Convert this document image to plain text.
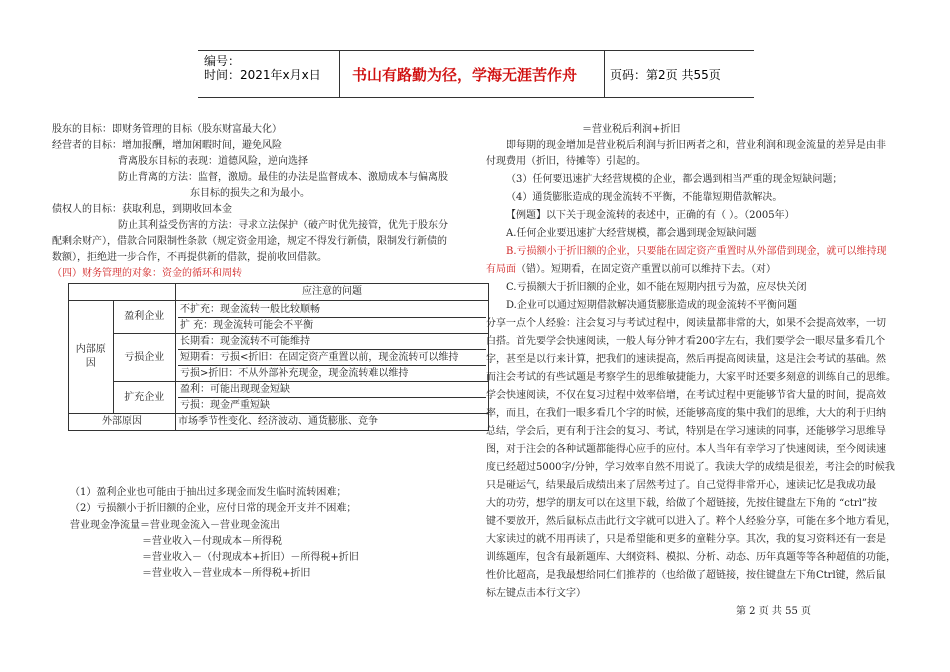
编号：
时间：2021年x月x日 书山有路勤为径，学海无涯苦作舟	页码：第2页 共55页
股东的目标：即财务管理的目标（股东财富最大化）
经营者的目标：增加报酬，增加闲暇时间，避免风险
背离股东目标的表现：道德风险，逆向选择
防止背离的方法：监督，激励。最佳的办法是监督成本、激励成本与偏离股
东目标的损失之和为最小。
债权人的目标：获取利息，到期收回本金
防止其利益受伤害的方法：寻求立法保护（破产时优先接管，优先于股东分
配剩余财产），借款合同限制性条款（规定资金用途，规定不得发行新债，限制发行新债的
数额），拒绝进一步合作，不再提供新的借款，提前收回借款。
（四）财务管理的对象：资金的循环和周转
		应注意的问题
内部原因	盈利企业	不扩充：现金流转一般比较顺畅
扩 充：现金流转可能会不平衡

	亏损企业	长期看：现金流转不可能维持
短期看：亏损<折旧：在固定资产重置以前，现金流转可以维持
亏损>折旧：不从外部补充现金，现金流转难以维持

	扩充企业	盈利：可能出现现金短缺
亏损：现金严重短缺

外部原因		市场季节性变化、经济波动、通货膨胀、竞争
（1）盈利企业也可能由于抽出过多现金而发生临时流转困难；
（2）亏损额小于折旧额的企业，应付日常的现金开支并不困难；
营业现金净流量＝营业现金流入－营业现金流出
＝营业收入－付现成本－所得税
＝营业收入－（付现成本+折旧）－所得税+折旧
＝营业收入－营业成本－所得税+折旧
＝营业税后利润+折旧
即每期的现金增加是营业税后利润与折旧两者之和，营业利润和现金流量的差异是由非
付现费用（折旧，待摊等）引起的。
（3）任何要迅速扩大经营规模的企业，都会遇到相当严重的现金短缺问题；
（4）通货膨胀造成的现金流转不平衡，不能靠短期借款解决。
【例题】以下关于现金流转的表述中，正确的有（ ）。（2005年）
A.任何企业要迅速扩大经营规模，都会遇到现金短缺问题
B.亏损额小于折旧额的企业，只要能在固定资产重置时从外部借到现金，就可以维持现
有局面（错）。短期看，在固定资产重置以前可以维持下去。（对）
C.亏损额大于折旧额的企业，如不能在短期内扭亏为盈，应尽快关闭
D.企业可以通过短期借款解决通货膨胀造成的现金流转不平衡问题
分享一点个人经验：注会复习与考试过程中，阅读量都非常的大，如果不会提高效率，一切
白搭。首先要学会快速阅读，一般人每分钟才看200字左右，我们要学会一眼尽量多看几个
字，甚至是以行来计算，把我们的速读提高，然后再提高阅读量，这是注会考试的基础。然
而注会考试的有些试题是考察学生的思维敏捷能力，大家平时还要多刻意的训练自己的思维。
学会快速阅读，不仅在复习过程中效率倍增，在考试过程中更能够节省大量的时间，提高效
率，而且，在我们一眼多看几个字的时候，还能够高度的集中我们的思维，大大的利于归纳
总结，学会后，更有利于注会的复习、考试，特别是在学习速读的同事，还能够学习思维导
图，对于注会的各种试题都能得心应手的应付。本人当年有幸学习了快速阅读，至今阅读速
度已经超过5000字/分钟，学习效率自然不用说了。我读大学的成绩是很差，考注会的时候我
只是碰运气，结果最后成绩出来了居然考过了。自己觉得非常开心，速读记忆是我成功最
大的功劳，想学的朋友可以在这里下载，给做了个超链接，先按住键盘左下角的 “ctrl”按
键不要放开，然后鼠标点击此行文字就可以进入了。粹个人经验分享，可能在多个地方看见，
大家读过的就不用再读了，只是希望能和更多的童鞋分享。其次，我的复习资料还有一套是
训练题库，包含有最新题库、大纲资料、模拟、分析、动态、历年真题等等各种超值的功能，
性价比超高，是我最想给同仁们推荐的（也给做了超链接，按住键盘左下角Ctrl键，然后鼠
标左键点击本行文字）
第 2 页 共 55 页
